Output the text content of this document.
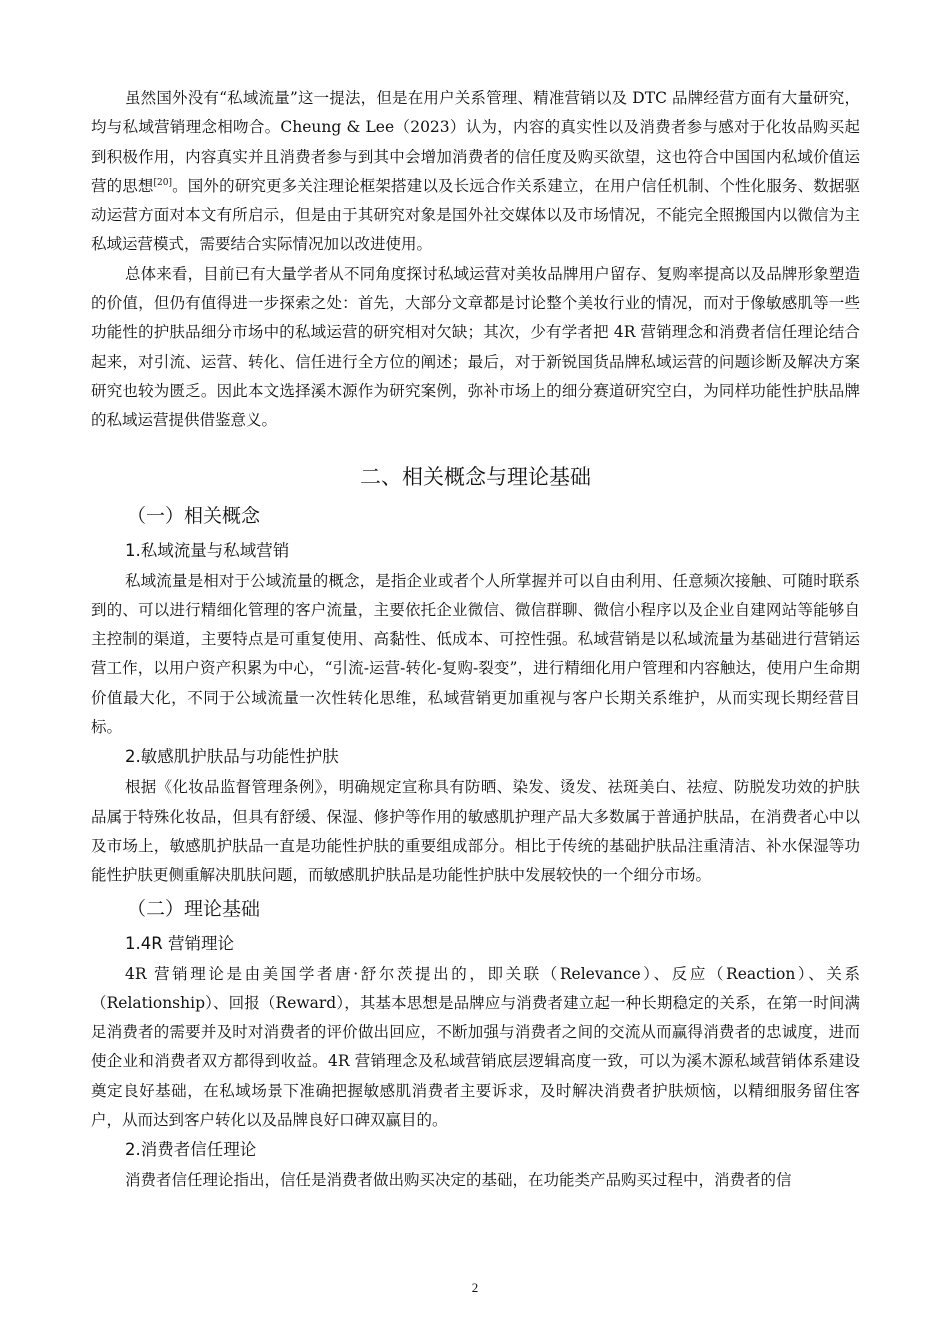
虽然国外没有“私域流量”这一提法，但是在用户关系管理、精准营销以及 DTC 品牌经营方面有大量研究，均与私域营销理念相吻合。Cheung & Lee（2023）认为，内容的真实性以及消费者参与感对于化妆品购买起到积极作用，内容真实并且消费者参与到其中会增加消费者的信任度及购买欲望，这也符合中国国内私域价值运营的思想[20]。国外的研究更多关注理论框架搭建以及长远合作关系建立，在用户信任机制、个性化服务、数据驱动运营方面对本文有所启示，但是由于其研究对象是国外社交媒体以及市场情况，不能完全照搬国内以微信为主私域运营模式，需要结合实际情况加以改进使用。

总体来看，目前已有大量学者从不同角度探讨私域运营对美妆品牌用户留存、复购率提高以及品牌形象塑造的价值，但仍有值得进一步探索之处：首先，大部分文章都是讨论整个美妆行业的情况，而对于像敏感肌等一些功能性的护肤品细分市场中的私域运营的研究相对欠缺；其次，少有学者把 4R 营销理念和消费者信任理论结合起来，对引流、运营、转化、信任进行全方位的阐述；最后，对于新锐国货品牌私域运营的问题诊断及解决方案研究也较为匮乏。因此本文选择溪木源作为研究案例，弥补市场上的细分赛道研究空白，为同样功能性护肤品牌的私域运营提供借鉴意义。

二、相关概念与理论基础
（一）相关概念
1.私域流量与私域营销

私域流量是相对于公域流量的概念，是指企业或者个人所掌握并可以自由利用、任意频次接触、可随时联系到的、可以进行精细化管理的客户流量，主要依托企业微信、微信群聊、微信小程序以及企业自建网站等能够自主控制的渠道，主要特点是可重复使用、高黏性、低成本、可控性强。私域营销是以私域流量为基础进行营销运营工作，以用户资产积累为中心，“引流-运营-转化-复购-裂变”，进行精细化用户管理和内容触达，使用户生命期价值最大化，不同于公域流量一次性转化思维，私域营销更加重视与客户长期关系维护，从而实现长期经营目标。

2.敏感肌护肤品与功能性护肤

根据《化妆品监督管理条例》，明确规定宣称具有防晒、染发、烫发、祛斑美白、祛痘、防脱发功效的护肤品属于特殊化妆品，但具有舒缓、保湿、修护等作用的敏感肌护理产品大多数属于普通护肤品，在消费者心中以及市场上，敏感肌护肤品一直是功能性护肤的重要组成部分。相比于传统的基础护肤品注重清洁、补水保湿等功能性护肤更侧重解决肌肤问题，而敏感肌护肤品是功能性护肤中发展较快的一个细分市场。

（二）理论基础
1.4R 营销理论

4R 营销理论是由美国学者唐·舒尔茨提出的，即关联（Relevance）、反应（Reaction）、关系（Relationship）、回报（Reward），其基本思想是品牌应与消费者建立起一种长期稳定的关系，在第一时间满足消费者的需要并及时对消费者的评价做出回应，不断加强与消费者之间的交流从而赢得消费者的忠诚度，进而使企业和消费者双方都得到收益。4R 营销理念及私域营销底层逻辑高度一致，可以为溪木源私域营销体系建设奠定良好基础，在私域场景下准确把握敏感肌消费者主要诉求，及时解决消费者护肤烦恼，以精细服务留住客户，从而达到客户转化以及品牌良好口碑双赢目的。

2.消费者信任理论

消费者信任理论指出，信任是消费者做出购买决定的基础，在功能类产品购买过程中，消费者的信

2
